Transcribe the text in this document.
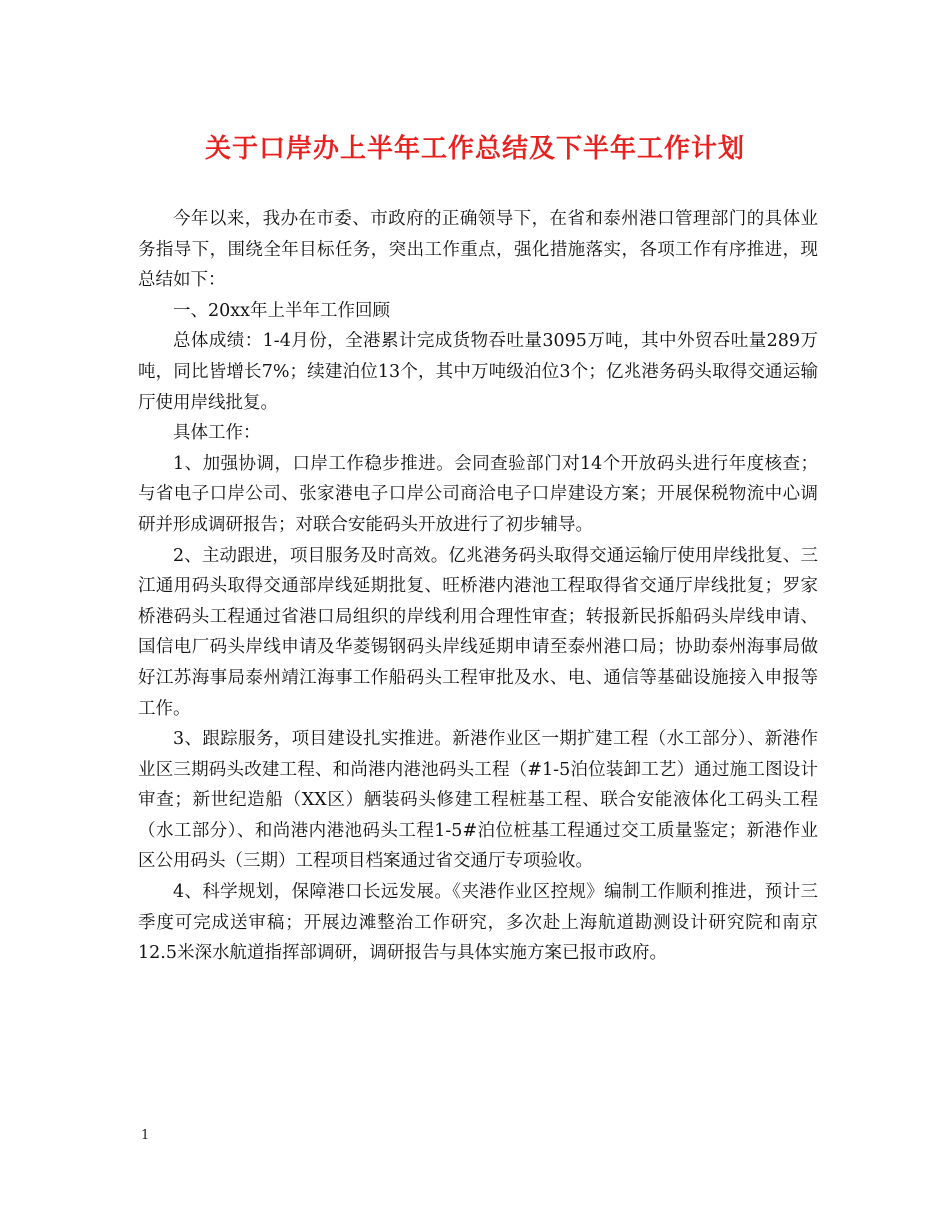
关于口岸办上半年工作总结及下半年工作计划

今年以来，我办在市委、市政府的正确领导下，在省和泰州港口管理部门的具体业务指导下，围绕全年目标任务，突出工作重点，强化措施落实，各项工作有序推进，现总结如下：

一、20xx年上半年工作回顾

总体成绩：1-4月份，全港累计完成货物吞吐量3095万吨，其中外贸吞吐量289万吨，同比皆增长7%；续建泊位13个，其中万吨级泊位3个；亿兆港务码头取得交通运输厅使用岸线批复。

具体工作：

1、加强协调，口岸工作稳步推进。会同查验部门对14个开放码头进行年度核查；与省电子口岸公司、张家港电子口岸公司商洽电子口岸建设方案；开展保税物流中心调研并形成调研报告；对联合安能码头开放进行了初步辅导。

2、主动跟进，项目服务及时高效。亿兆港务码头取得交通运输厅使用岸线批复、三江通用码头取得交通部岸线延期批复、旺桥港内港池工程取得省交通厅岸线批复；罗家桥港码头工程通过省港口局组织的岸线利用合理性审查；转报新民拆船码头岸线申请、国信电厂码头岸线申请及华菱锡钢码头岸线延期申请至泰州港口局；协助泰州海事局做好江苏海事局泰州靖江海事工作船码头工程审批及水、电、通信等基础设施接入申报等工作。

3、跟踪服务，项目建设扎实推进。新港作业区一期扩建工程（水工部分）、新港作业区三期码头改建工程、和尚港内港池码头工程（#1-5泊位装卸工艺）通过施工图设计审查；新世纪造船（XX区）舾装码头修建工程桩基工程、联合安能液体化工码头工程（水工部分）、和尚港内港池码头工程1-5#泊位桩基工程通过交工质量鉴定；新港作业区公用码头（三期）工程项目档案通过省交通厅专项验收。

4、科学规划，保障港口长远发展。《夹港作业区控规》编制工作顺利推进，预计三季度可完成送审稿；开展边滩整治工作研究，多次赴上海航道勘测设计研究院和南京12.5米深水航道指挥部调研，调研报告与具体实施方案已报市政府。

1
